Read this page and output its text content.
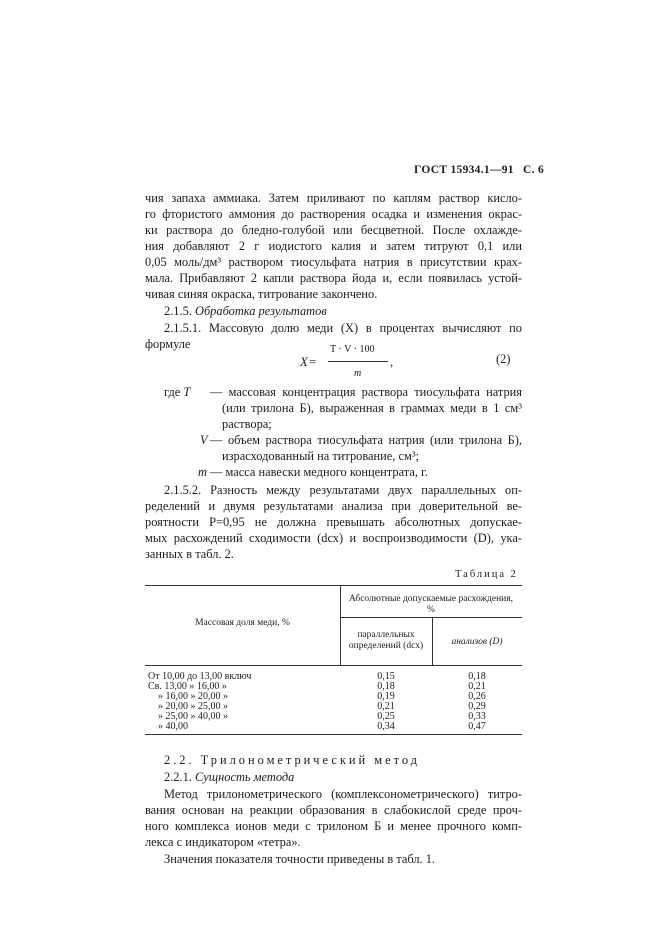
ГОСТ 15934.1—91 С. 6
чия запаха аммиака. Затем приливают по каплям раствор кисло-
го фтористого аммония до растворения осадка и изменения окрас-
ки раствора до бледно-голубой или бесцветной. После охлажде-
ния добавляют 2 г иодистого калия и затем титруют 0,1 или
0,05 моль/дм³ раствором тиосульфата натрия в присутствии крах-
мала. Прибавляют 2 капли раствора йода и, если появилась устой-
чивая синяя окраска, титрование закончено.
2.1.5. Обработка результатов
2.1.5.1. Массовую долю меди (X) в процентах вычисляют по
формуле
X=
T · V · 100
m
,	(2)
где T — массовая концентрация раствора тиосульфата натрия
(или трилона Б), выраженная в граммах меди в 1 см³
раствора;
V — объем раствора тиосульфата натрия (или трилона Б),
израсходованный на титрование, см³;
m — масса навески медного концентрата, г.
2.1.5.2. Разность между результатами двух параллельных оп-
ределений и двумя результатами анализа при доверительной ве-
роятности P=0,95 не должна превышать абсолютных допускае-
мых расхождений сходимости (dсх) и воспроизводимости (D), ука-
занных в табл. 2.
Таблица 2
Массовая доля меди, %
Абсолютные допускаемые расхождения,
%
параллельных
определений (dсх)	анализов (D)
От 10,00 до 13,00 включ	0,15	0,18
Св. 13,00 » 16,00 »	0,18	0,21
» 16,00 » 20,00 »	0,19	0,26
» 20,00 » 25,00 »	0,21	0,29
» 25,00 » 40,00 »	0,25	0,33
» 40,00	0,34	0,47
2.2. Трилонометрический метод
2.2.1. Сущность метода
Метод трилонометрического (комплексонометрического) титро-
вания основан на реакции образования в слабокислой среде проч-
ного комплекса ионов меди с трилоном Б и менее прочного комп-
лекса с индикатором «тетра».
Значения показателя точности приведены в табл. 1.
